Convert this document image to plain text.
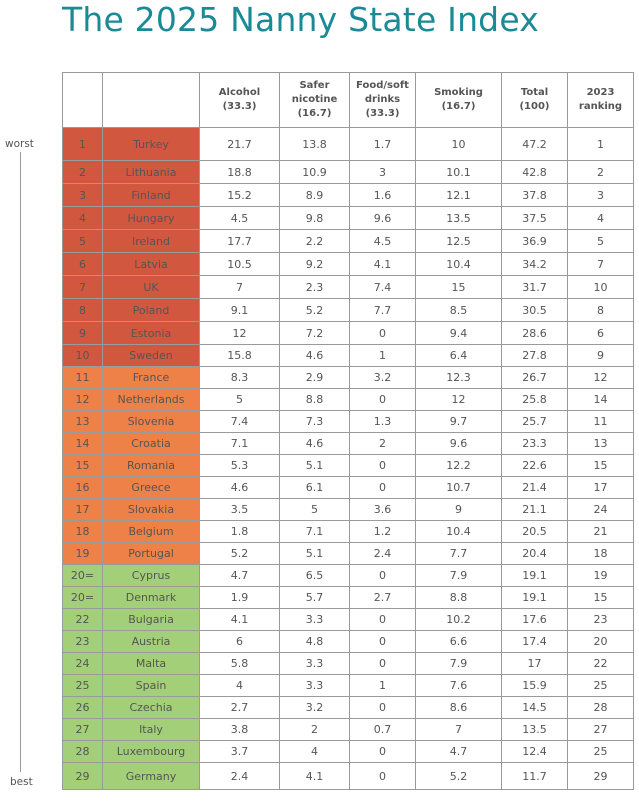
The 2025 Nanny State Index
worst
best

		Alcohol (33.3)	Safer nicotine (16.7)	Food/soft drinks (33.3)	Smoking (16.7)	Total (100)	2023 ranking

1	Turkey	21.7	13.8	1.7	10	47.2	1
2	Lithuania	18.8	10.9	3	10.1	42.8	2
3	Finland	15.2	8.9	1.6	12.1	37.8	3
4	Hungary	4.5	9.8	9.6	13.5	37.5	4
5	Ireland	17.7	2.2	4.5	12.5	36.9	5
6	Latvia	10.5	9.2	4.1	10.4	34.2	7
7	UK	7	2.3	7.4	15	31.7	10
8	Poland	9.1	5.2	7.7	8.5	30.5	8
9	Estonia	12	7.2	0	9.4	28.6	6
10	Sweden	15.8	4.6	1	6.4	27.8	9
11	France	8.3	2.9	3.2	12.3	26.7	12
12	Netherlands	5	8.8	0	12	25.8	14
13	Slovenia	7.4	7.3	1.3	9.7	25.7	11
14	Croatia	7.1	4.6	2	9.6	23.3	13
15	Romania	5.3	5.1	0	12.2	22.6	15
16	Greece	4.6	6.1	0	10.7	21.4	17
17	Slovakia	3.5	5	3.6	9	21.1	24
18	Belgium	1.8	7.1	1.2	10.4	20.5	21
19	Portugal	5.2	5.1	2.4	7.7	20.4	18
20=	Cyprus	4.7	6.5	0	7.9	19.1	19
20=	Denmark	1.9	5.7	2.7	8.8	19.1	15
22	Bulgaria	4.1	3.3	0	10.2	17.6	23
23	Austria	6	4.8	0	6.6	17.4	20
24	Malta	5.8	3.3	0	7.9	17	22
25	Spain	4	3.3	1	7.6	15.9	25
26	Czechia	2.7	3.2	0	8.6	14.5	28
27	Italy	3.8	2	0.7	7	13.5	27
28	Luxembourg	3.7	4	0	4.7	12.4	25
29	Germany	2.4	4.1	0	5.2	11.7	29
